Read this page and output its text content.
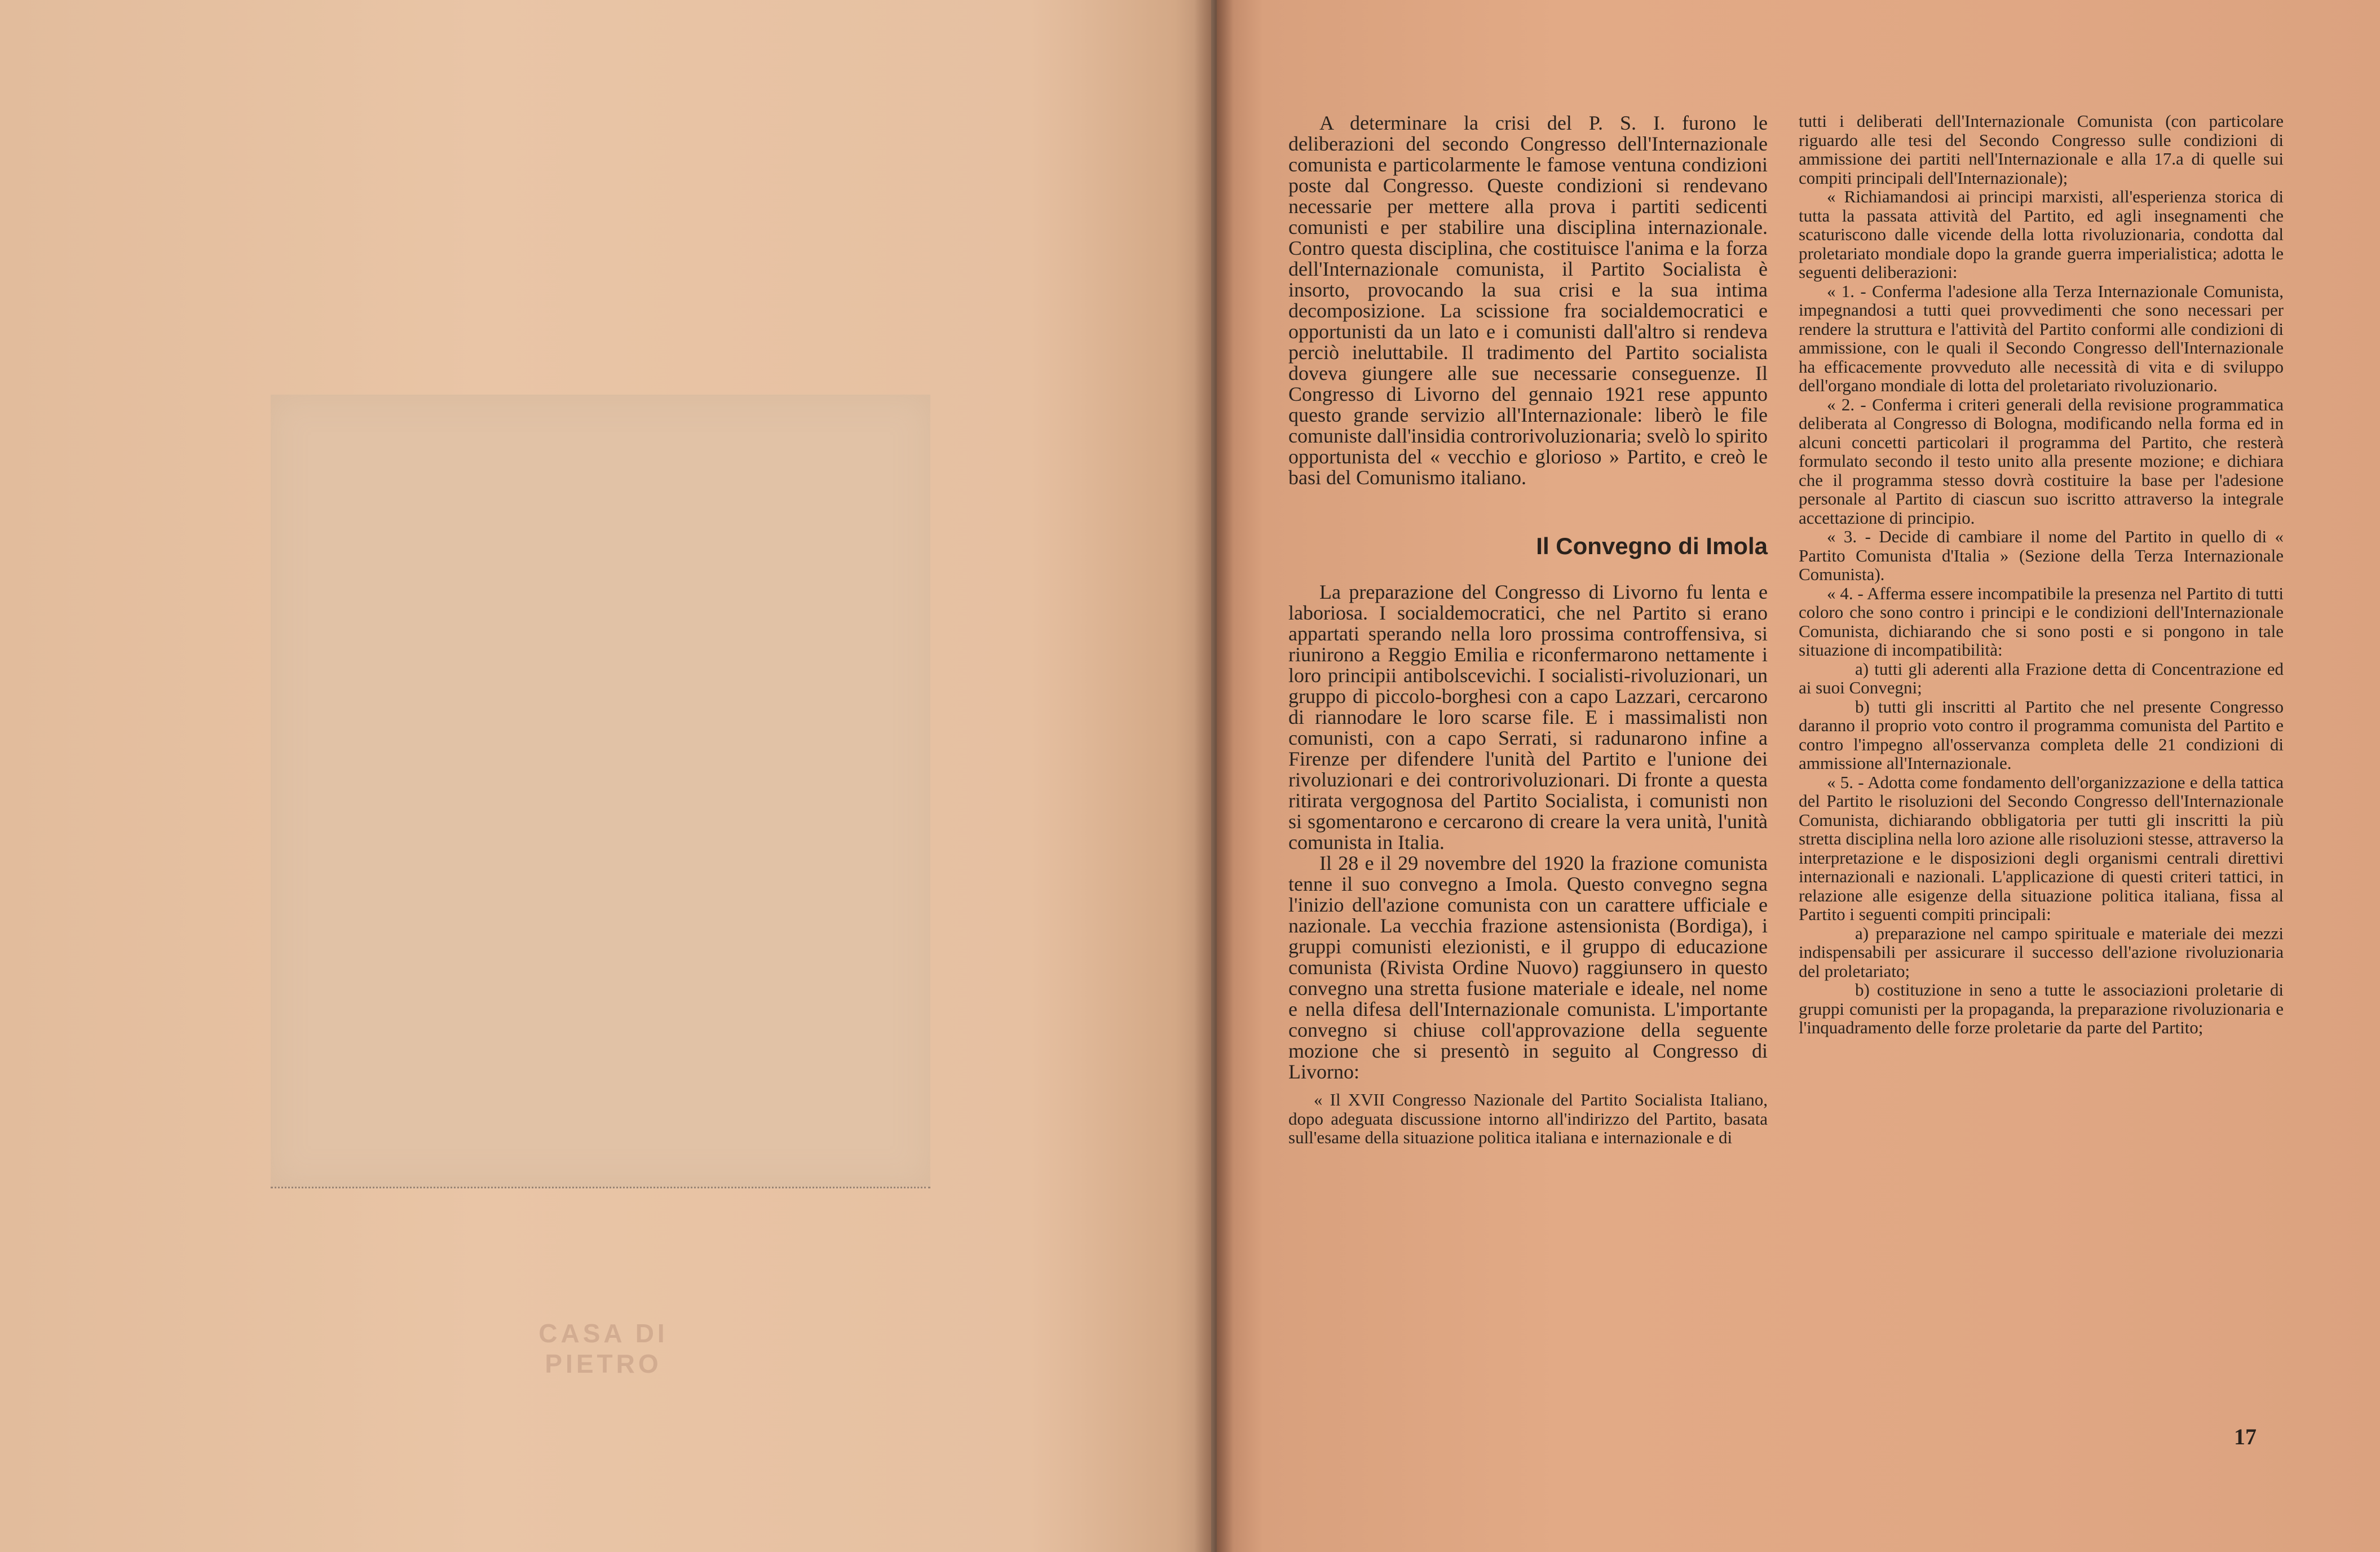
CASA DI PIETRO

A determinare la crisi del P. S. I. furono le deliberazioni del secondo Congresso dell'Internazionale comunista e particolarmente le famose ventuna condizioni poste dal Congresso. Queste condizioni si rendevano necessarie per mettere alla prova i partiti sedicenti comunisti e per stabilire una disciplina internazionale. Contro questa disciplina, che costituisce l'anima e la forza dell'Internazionale comunista, il Partito Socialista è insorto, provocando la sua crisi e la sua intima decomposizione. La scissione fra socialdemocratici e opportunisti da un lato e i comunisti dall'altro si rendeva perciò ineluttabile. Il tradimento del Partito socialista doveva giungere alle sue necessarie conseguenze. Il Congresso di Livorno del gennaio 1921 rese appunto questo grande servizio all'Internazionale: liberò le file comuniste dall'insidia controrivoluzionaria; svelò lo spirito opportunista del « vecchio e glorioso » Partito, e creò le basi del Comunismo italiano.

Il Convegno di Imola

La preparazione del Congresso di Livorno fu lenta e laboriosa. I socialdemocratici, che nel Partito si erano appartati sperando nella loro prossima controffensiva, si riunirono a Reggio Emilia e riconfermarono nettamente i loro principii antibolscevichi. I socialisti-rivoluzionari, un gruppo di piccolo-borghesi con a capo Lazzari, cercarono di riannodare le loro scarse file. E i massimalisti non comunisti, con a capo Serrati, si radunarono infine a Firenze per difendere l'unità del Partito e l'unione dei rivoluzionari e dei controrivoluzionari. Di fronte a questa ritirata vergognosa del Partito Socialista, i comunisti non si sgomentarono e cercarono di creare la vera unità, l'unità comunista in Italia.

Il 28 e il 29 novembre del 1920 la frazione comunista tenne il suo convegno a Imola. Questo convegno segna l'inizio dell'azione comunista con un carattere ufficiale e nazionale. La vecchia frazione astensionista (Bordiga), i gruppi comunisti elezionisti, e il gruppo di educazione comunista (Rivista Ordine Nuovo) raggiunsero in questo convegno una stretta fusione materiale e ideale, nel nome e nella difesa dell'Internazionale comunista. L'importante convegno si chiuse coll'approvazione della seguente mozione che si presentò in seguito al Congresso di Livorno:

« Il XVII Congresso Nazionale del Partito Socialista Italiano, dopo adeguata discussione intorno all'indirizzo del Partito, basata sull'esame della situazione politica italiana e internazionale e di

tutti i deliberati dell'Internazionale Comunista (con particolare riguardo alle tesi del Secondo Congresso sulle condizioni di ammissione dei partiti nell'Internazionale e alla 17.a di quelle sui compiti principali dell'Internazionale);

« Richiamandosi ai principi marxisti, all'esperienza storica di tutta la passata attività del Partito, ed agli insegnamenti che scaturiscono dalle vicende della lotta rivoluzionaria, condotta dal proletariato mondiale dopo la grande guerra imperialistica; adotta le seguenti deliberazioni:

« 1. - Conferma l'adesione alla Terza Internazionale Comunista, impegnandosi a tutti quei provvedimenti che sono necessari per rendere la struttura e l'attività del Partito conformi alle condizioni di ammissione, con le quali il Secondo Congresso dell'Internazionale ha efficacemente provveduto alle necessità di vita e di sviluppo dell'organo mondiale di lotta del proletariato rivoluzionario.

« 2. - Conferma i criteri generali della revisione programmatica deliberata al Congresso di Bologna, modificando nella forma ed in alcuni concetti particolari il programma del Partito, che resterà formulato secondo il testo unito alla presente mozione; e dichiara che il programma stesso dovrà costituire la base per l'adesione personale al Partito di ciascun suo iscritto attraverso la integrale accettazione di principio.

« 3. - Decide di cambiare il nome del Partito in quello di « Partito Comunista d'Italia » (Sezione della Terza Internazionale Comunista).

« 4. - Afferma essere incompatibile la presenza nel Partito di tutti coloro che sono contro i principi e le condizioni dell'Internazionale Comunista, dichiarando che si sono posti e si pongono in tale situazione di incompatibilità:

a) tutti gli aderenti alla Frazione detta di Concentrazione ed ai suoi Convegni;

b) tutti gli inscritti al Partito che nel presente Congresso daranno il proprio voto contro il programma comunista del Partito e contro l'impegno all'osservanza completa delle 21 condizioni di ammissione all'Internazionale.

« 5. - Adotta come fondamento dell'organizzazione e della tattica del Partito le risoluzioni del Secondo Congresso dell'Internazionale Comunista, dichiarando obbligatoria per tutti gli inscritti la più stretta disciplina nella loro azione alle risoluzioni stesse, attraverso la interpretazione e le disposizioni degli organismi centrali direttivi internazionali e nazionali. L'applicazione di questi criteri tattici, in relazione alle esigenze della situazione politica italiana, fissa al Partito i seguenti compiti principali:

a) preparazione nel campo spirituale e materiale dei mezzi indispensabili per assicurare il successo dell'azione rivoluzionaria del proletariato;

b) costituzione in seno a tutte le associazioni proletarie di gruppi comunisti per la propaganda, la preparazione rivoluzionaria e l'inquadramento delle forze proletarie da parte del Partito;

17
